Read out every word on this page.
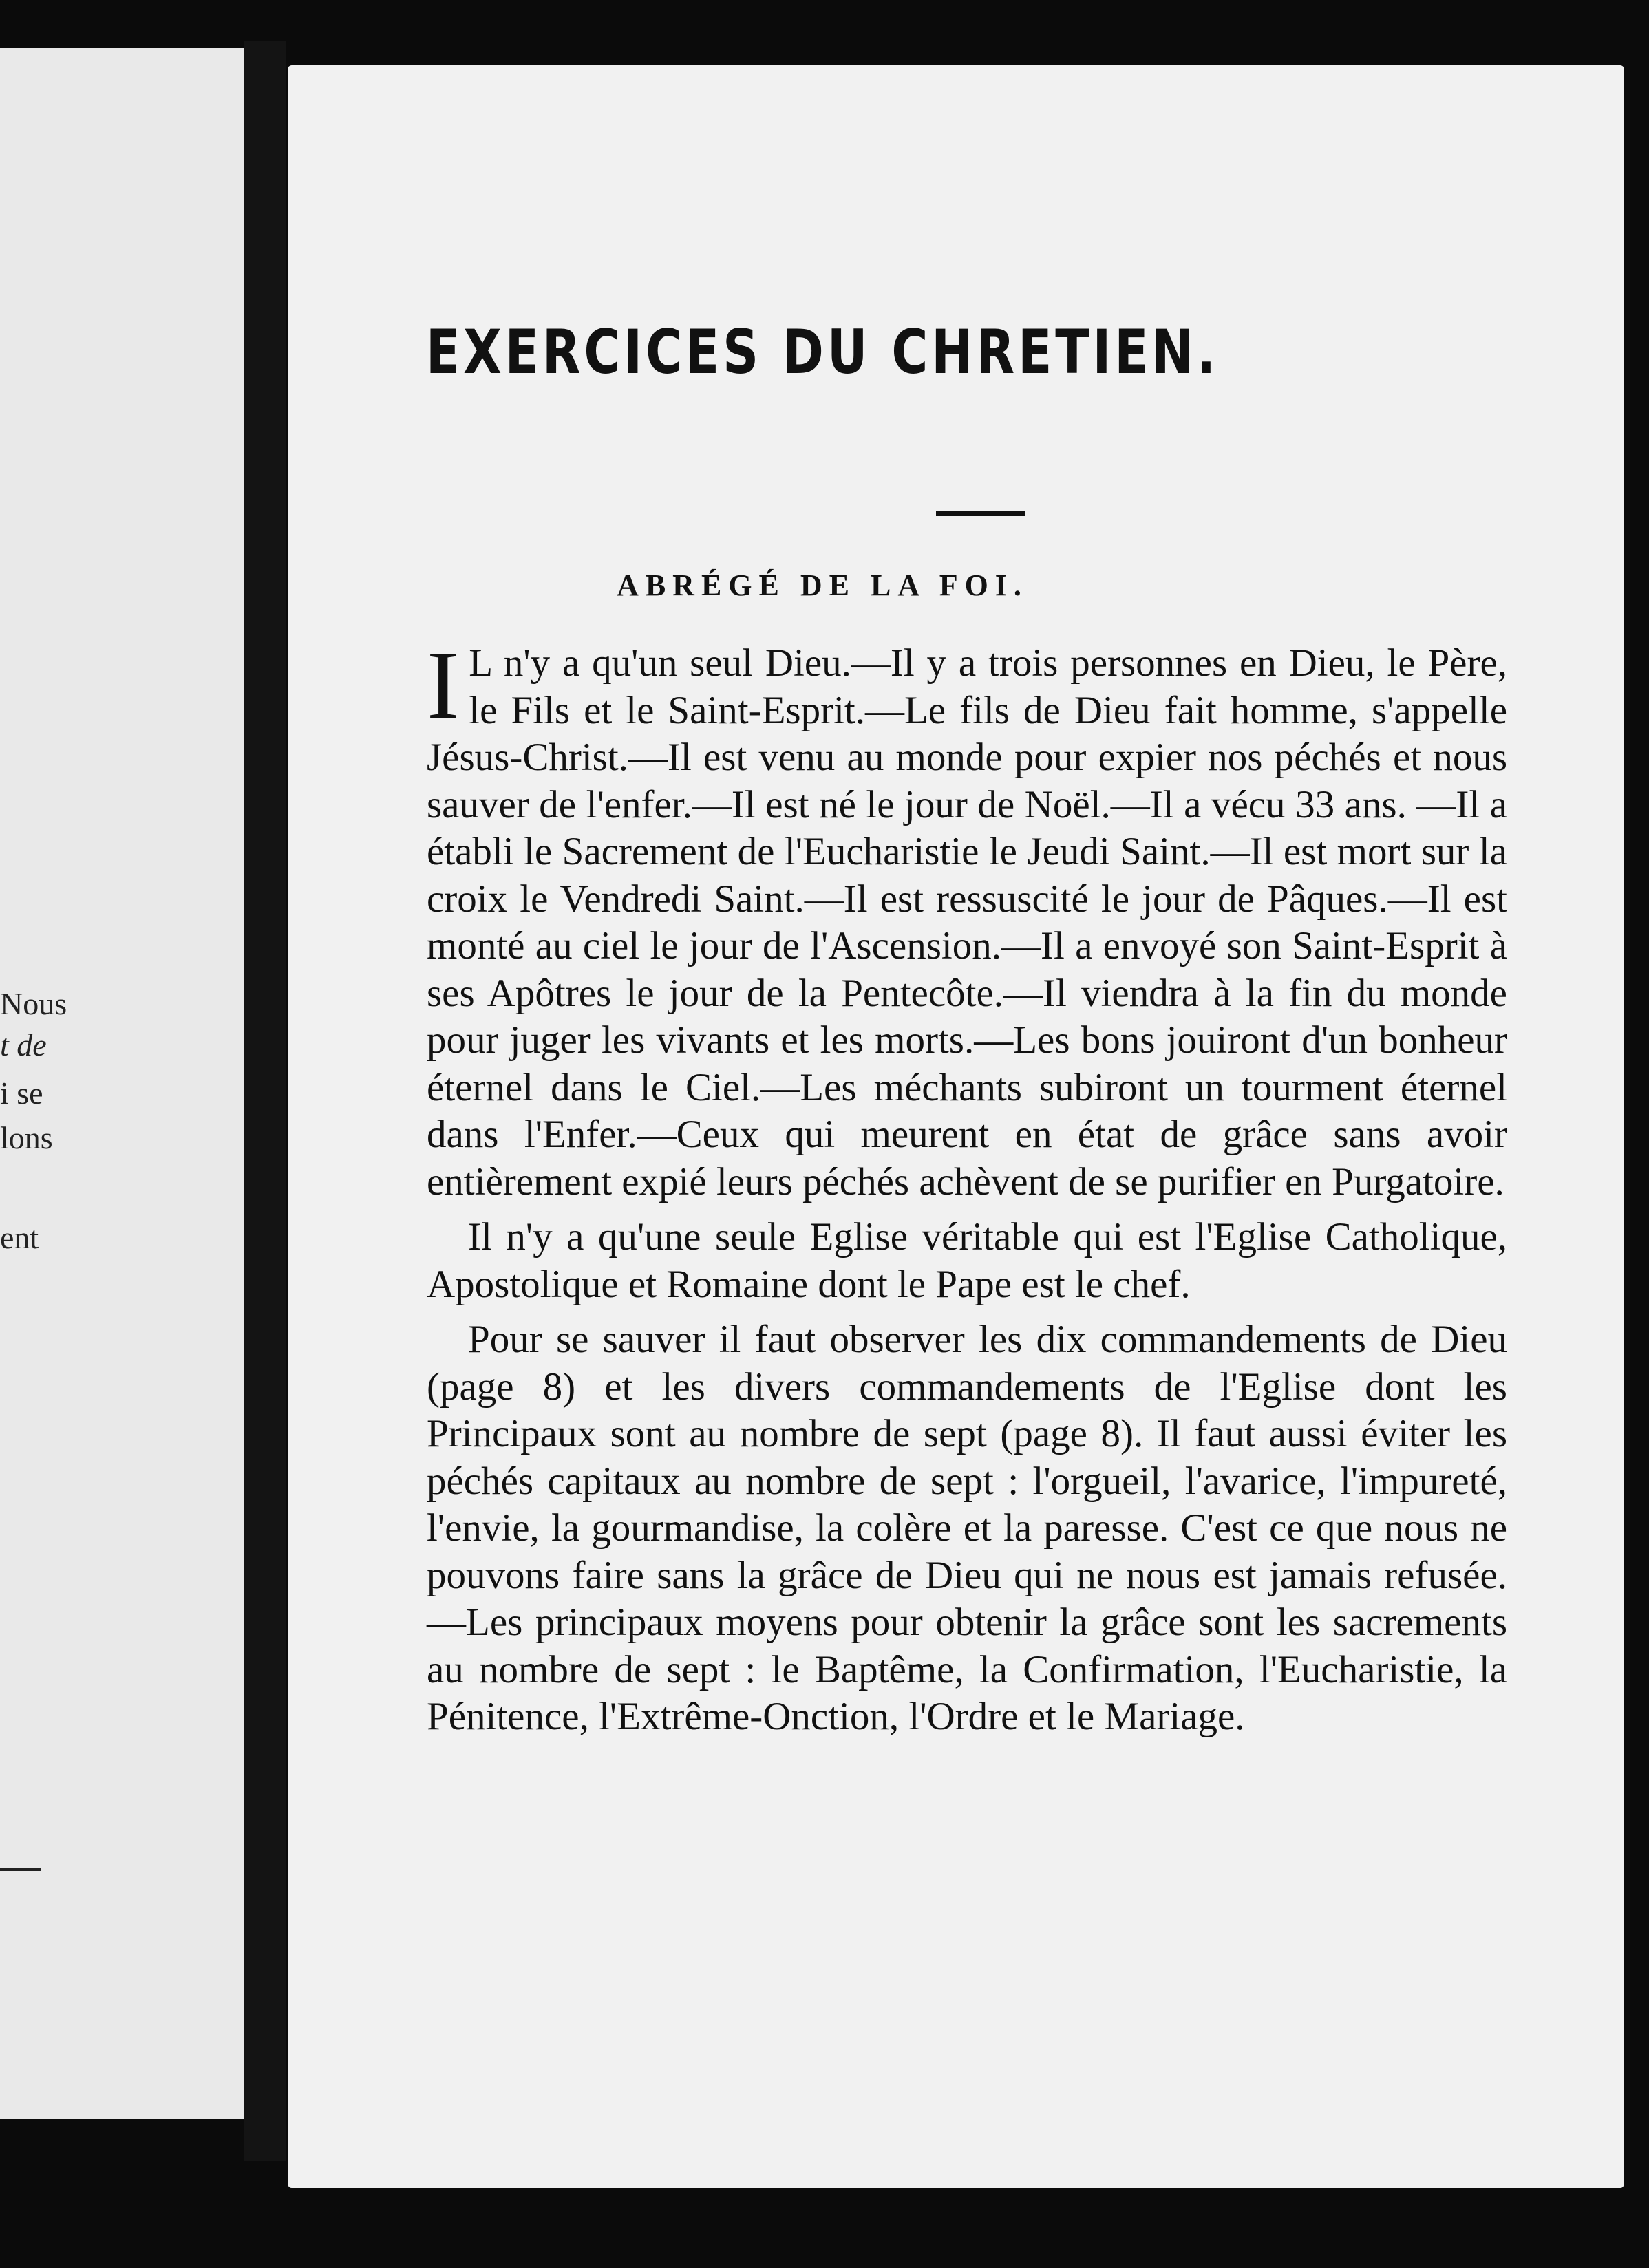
Nous
t de
i se
lons
ent
EXERCICES DU CHRETIEN.
ABRÉGÉ DE LA FOI.

I L n'y a qu'un seul Dieu.—Il y a trois personnes en Dieu, le Père, le Fils et le Saint-Esprit.—Le fils de Dieu fait homme, s'appelle Jésus-Christ.—Il est venu au monde pour expier nos péchés et nous sauver de l'enfer.—Il est né le jour de Noël.—Il a vécu 33 ans. —Il a établi le Sacrement de l'Eucharistie le Jeudi Saint.—Il est mort sur la croix le Vendredi Saint.—Il est ressuscité le jour de Pâques.—Il est monté au ciel le jour de l'Ascension.—Il a envoyé son Saint-Esprit à ses Apôtres le jour de la Pentecôte.—Il viendra à la fin du monde pour juger les vivants et les morts.—Les bons jouiront d'un bonheur éternel dans le Ciel.—Les méchants subiront un tourment éternel dans l'Enfer.—Ceux qui meurent en état de grâce sans avoir entièrement expié leurs péchés achèvent de se purifier en Purgatoire.

Il n'y a qu'une seule Eglise véritable qui est l'Eglise Catholique, Apostolique et Romaine dont le Pape est le chef.

Pour se sauver il faut observer les dix commandements de Dieu (page 8) et les divers commandements de l'Eglise dont les Principaux sont au nombre de sept (page 8). Il faut aussi éviter les péchés capitaux au nombre de sept : l'orgueil, l'avarice, l'impureté, l'envie, la gourmandise, la colère et la paresse. C'est ce que nous ne pouvons faire sans la grâce de Dieu qui ne nous est jamais refusée.—Les principaux moyens pour obtenir la grâce sont les sacrements au nombre de sept : le Baptême, la Confirmation, l'Eucharistie, la Pénitence, l'Extrême-Onction, l'Ordre et le Mariage.
